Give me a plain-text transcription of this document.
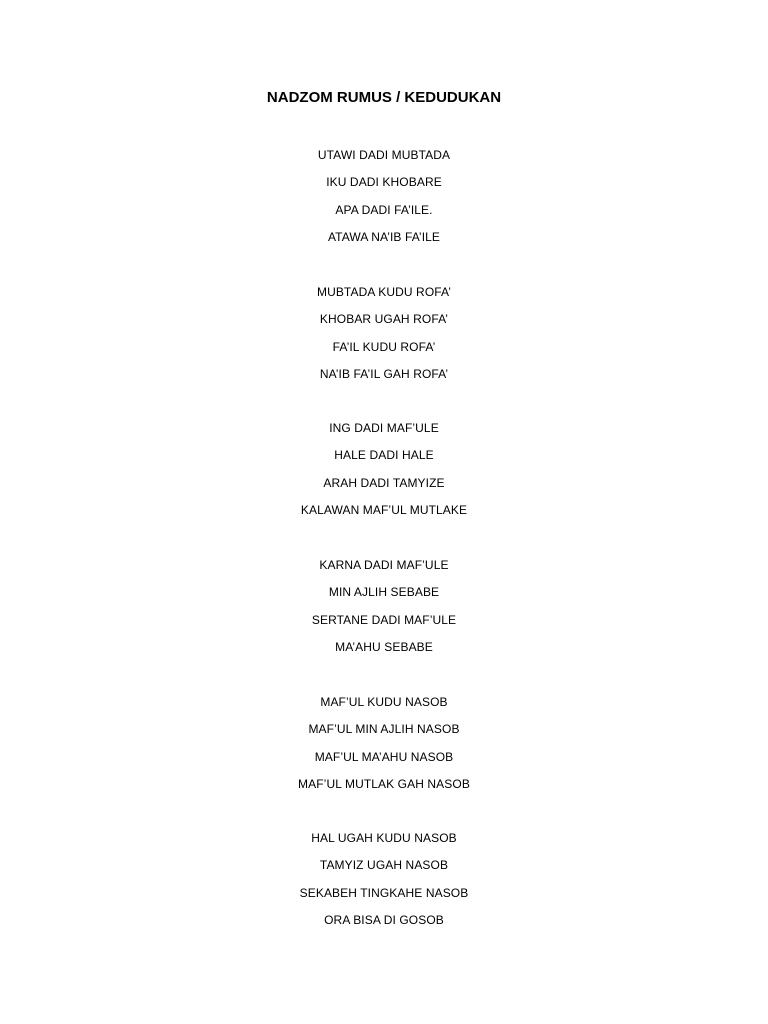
NADZOM RUMUS / KEDUDUKAN
UTAWI DADI MUBTADA
IKU DADI KHOBARE
APA DADI FA’ILE.
ATAWA NA’IB FA’ILE
MUBTADA KUDU ROFA’
KHOBAR UGAH ROFA’
FA’IL KUDU ROFA’
NA’IB FA’IL GAH ROFA’
ING DADI MAF’ULE
HALE DADI HALE
ARAH DADI TAMYIZE
KALAWAN MAF’UL MUTLAKE
KARNA DADI MAF’ULE
MIN AJLIH SEBABE
SERTANE DADI MAF’ULE
MA’AHU SEBABE
MAF’UL KUDU NASOB
MAF’UL MIN AJLIH NASOB
MAF’UL MA’AHU NASOB
MAF’UL MUTLAK GAH NASOB
HAL UGAH KUDU NASOB
TAMYIZ UGAH NASOB
SEKABEH TINGKAHE NASOB
ORA BISA DI GOSOB
